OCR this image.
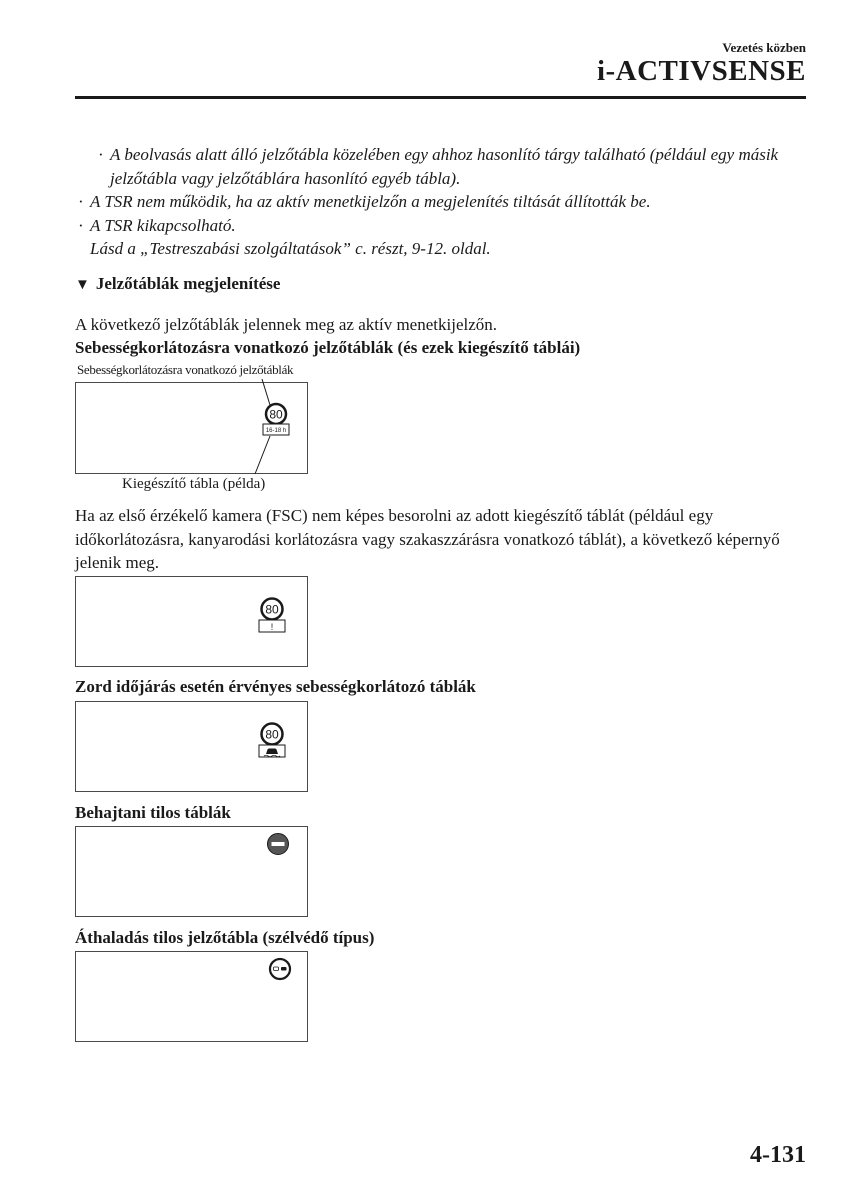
Vezetés közben
i-ACTIVSENSE
· A beolvasás alatt álló jelzőtábla közelében egy ahhoz hasonlító tárgy található (például egy másik jelzőtábla vagy jelzőtáblára hasonlító egyéb tábla).
· A TSR nem működik, ha az aktív menetkijelzőn a megjelenítés tiltását állították be.
· A TSR kikapcsolható.
Lásd a „Testreszabási szolgáltatások” c. részt, 9-12. oldal.
▼ Jelzőtáblák megjelenítése
A következő jelzőtáblák jelennek meg az aktív menetkijelzőn.
Sebességkorlátozásra vonatkozó jelzőtáblák (és ezek kiegészítő táblái)
Sebességkorlátozásra vonatkozó jelzőtáblák
80
16-18 h
Kiegészítő tábla (példa)
Ha az első érzékelő kamera (FSC) nem képes besorolni az adott kiegészítő táblát (például egy időkorlátozásra, kanyarodási korlátozásra vagy szakaszzárásra vonatkozó táblát), a következő képernyő jelenik meg.
80
!
Zord időjárás esetén érvényes sebességkorlátozó táblák
80
Behajtani tilos táblák
Áthaladás tilos jelzőtábla (szélvédő típus)
4-131
